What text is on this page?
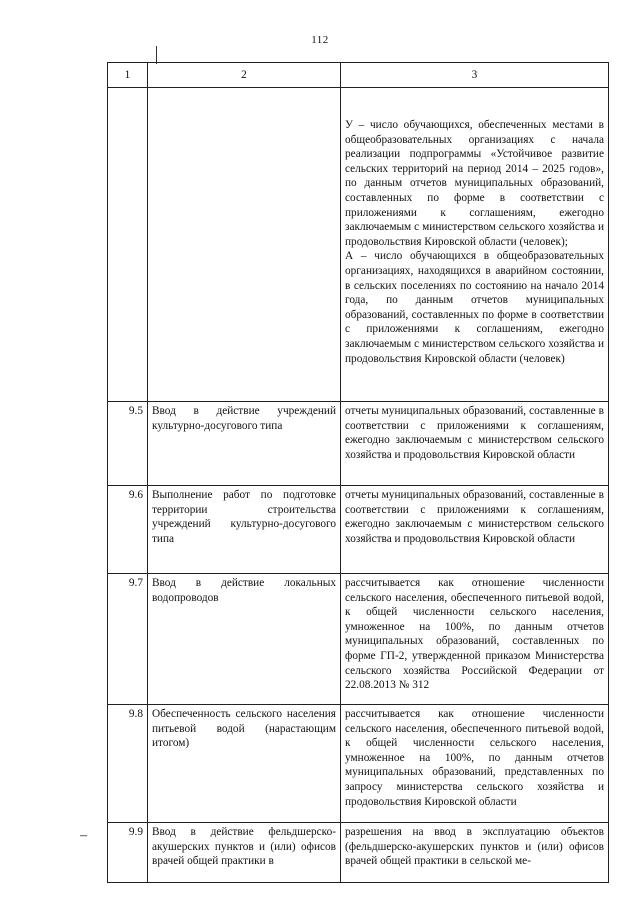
112
–
1	2	3

		У – число обучающихся, обеспеченных местами в общеобразовательных организациях с начала реализации подпрограммы «Устойчивое развитие сельских территорий на период 2014 – 2025 годов», по данным отчетов муниципальных образований, составленных по форме в соответствии с приложениями к соглашениям, ежегодно заключаемым с министерством сельского хозяйства и продовольствия Кировской области (человек);

А – число обучающихся в общеобразовательных организациях, находящихся в аварийном состоянии, в сельских поселениях по состоянию на начало 2014 года, по данным отчетов муниципальных образований, составленных по форме в соответствии с приложениями к соглашениям, ежегодно заключаемым с министерством сельского хозяйства и продовольствия Кировской области (человек)

9.5	Ввод в действие учреждений культурно-досугового типа	отчеты муниципальных образований, составленные в соответствии с приложениями к соглашениям, ежегодно заключаемым с министерством сельского хозяйства и продовольствия Кировской области

9.6	Выполнение работ по подготовке территории строительства учреждений культурно-досугового типа	отчеты муниципальных образований, составленные в соответствии с приложениями к соглашениям, ежегодно заключаемым с министерством сельского хозяйства и продовольствия Кировской области

9.7	Ввод в действие локальных водопроводов	рассчитывается как отношение численности сельского населения, обеспеченного питьевой водой, к общей численности сельского населения, умноженное на 100%, по данным отчетов муниципальных образований, составленных по форме ГП-2, утвержденной приказом Министерства сельского хозяйства Российской Федерации от 22.08.2013 № 312

9.8	Обеспеченность сельского населения питьевой водой (нарастающим итогом)	рассчитывается как отношение численности сельского населения, обеспеченного питьевой водой, к общей численности сельского населения, умноженное на 100%, по данным отчетов муниципальных образований, представленных по запросу министерства сельского хозяйства и продовольствия Кировской области

9.9	Ввод в действие фельдшерско-акушерских пунктов и (или) офисов врачей общей практики в	разрешения на ввод в эксплуатацию объектов (фельдшерско-акушерских пунктов и (или) офисов врачей общей практики в сельской ме-
